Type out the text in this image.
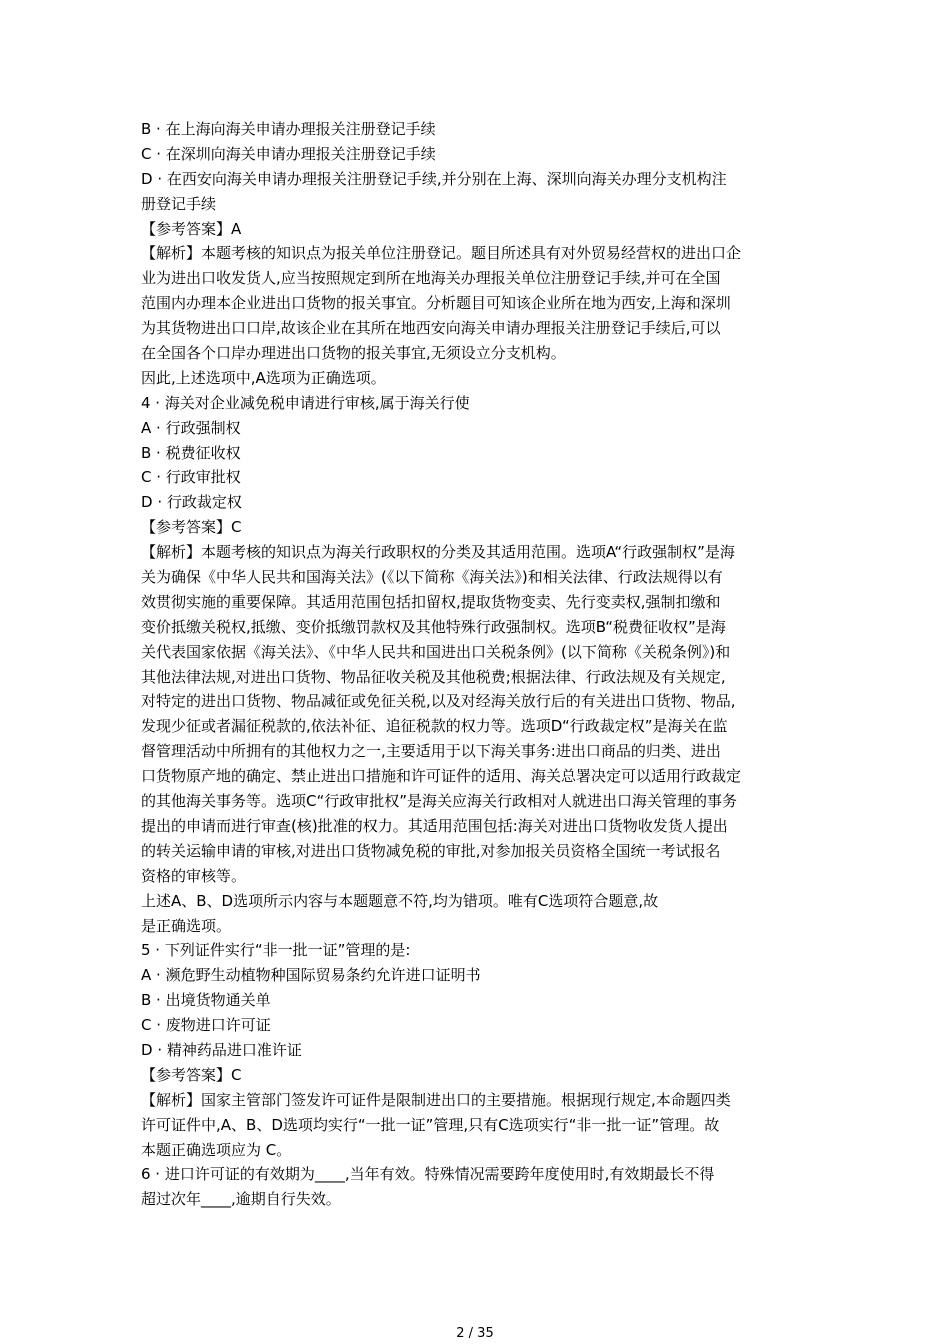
B · 在上海向海关申请办理报关注册登记手续
C · 在深圳向海关申请办理报关注册登记手续
D · 在西安向海关申请办理报关注册登记手续,并分别在上海、深圳向海关办理分支机构注
册登记手续
【参考答案】A
【解析】本题考核的知识点为报关单位注册登记。题目所述具有对外贸易经营权的进出口企
业为进出口收发货人,应当按照规定到所在地海关办理报关单位注册登记手续,并可在全国
范围内办理本企业进出口货物的报关事宜。分析题目可知该企业所在地为西安,上海和深圳
为其货物进出口口岸,故该企业在其所在地西安向海关申请办理报关注册登记手续后,可以
在全国各个口岸办理进出口货物的报关事宜,无须设立分支机构。
因此,上述选项中,A选项为正确选项。
4 · 海关对企业减免税申请进行审核,属于海关行使
A · 行政强制权
B · 税费征收权
C · 行政审批权
D · 行政裁定权
【参考答案】C
【解析】本题考核的知识点为海关行政职权的分类及其适用范围。选项A“行政强制权”是海
关为确保《中华人民共和国海关法》(《以下简称《海关法》)和相关法律、行政法规得以有
效贯彻实施的重要保障。其适用范围包括扣留权,提取货物变卖、先行变卖权,强制扣缴和
变价抵缴关税权,抵缴、变价抵缴罚款权及其他特殊行政强制权。选项B“税费征收权”是海
关代表国家依据《海关法》、《中华人民共和国进出口关税条例》(以下简称《关税条例》)和
其他法律法规,对进出口货物、物品征收关税及其他税费;根据法律、行政法规及有关规定,
对特定的进出口货物、物品减征或免征关税,以及对经海关放行后的有关进出口货物、物品,
发现少征或者漏征税款的,依法补征、追征税款的权力等。选项D“行政裁定权”是海关在监
督管理活动中所拥有的其他权力之一,主要适用于以下海关事务:进出口商品的归类、进出
口货物原产地的确定、禁止进出口措施和许可证件的适用、海关总署决定可以适用行政裁定
的其他海关事务等。选项C“行政审批权”是海关应海关行政相对人就进出口海关管理的事务
提出的申请而进行审查(核)批准的权力。其适用范围包括:海关对进出口货物收发货人提出
的转关运输申请的审核,对进出口货物减免税的审批,对参加报关员资格全国统一考试报名
资格的审核等。
上述A、B、D选项所示内容与本题题意不符,均为错项。唯有C选项符合题意,故
是正确选项。
5 · 下列证件实行“非一批一证”管理的是:
A · 濒危野生动植物种国际贸易条约允许进口证明书
B · 出境货物通关单
C · 废物进口许可证
D · 精神药品进口准许证
【参考答案】C
【解析】国家主管部门签发许可证件是限制进出口的主要措施。根据现行规定,本命题四类
许可证件中,A、B、D选项均实行“一批一证”管理,只有C选项实行“非一批一证”管理。故
本题正确选项应为 C。
6 · 进口许可证的有效期为____,当年有效。特殊情况需要跨年度使用时,有效期最长不得
超过次年____,逾期自行失效。
2 / 35
